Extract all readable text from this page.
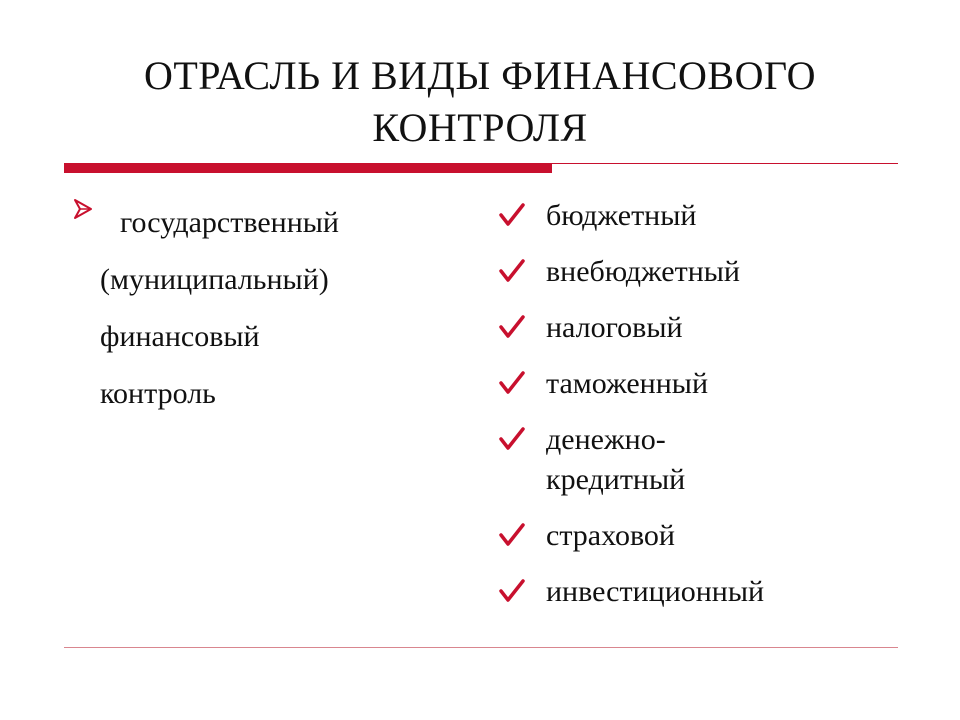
ОТРАСЛЬ И ВИДЫ ФИНАНСОВОГО
КОНТРОЛЯ
государственный
(муниципальный)
финансовый
контроль
бюджетный
внебюджетный
налоговый
таможенный
денежно-
кредитный
страховой
инвестиционный
